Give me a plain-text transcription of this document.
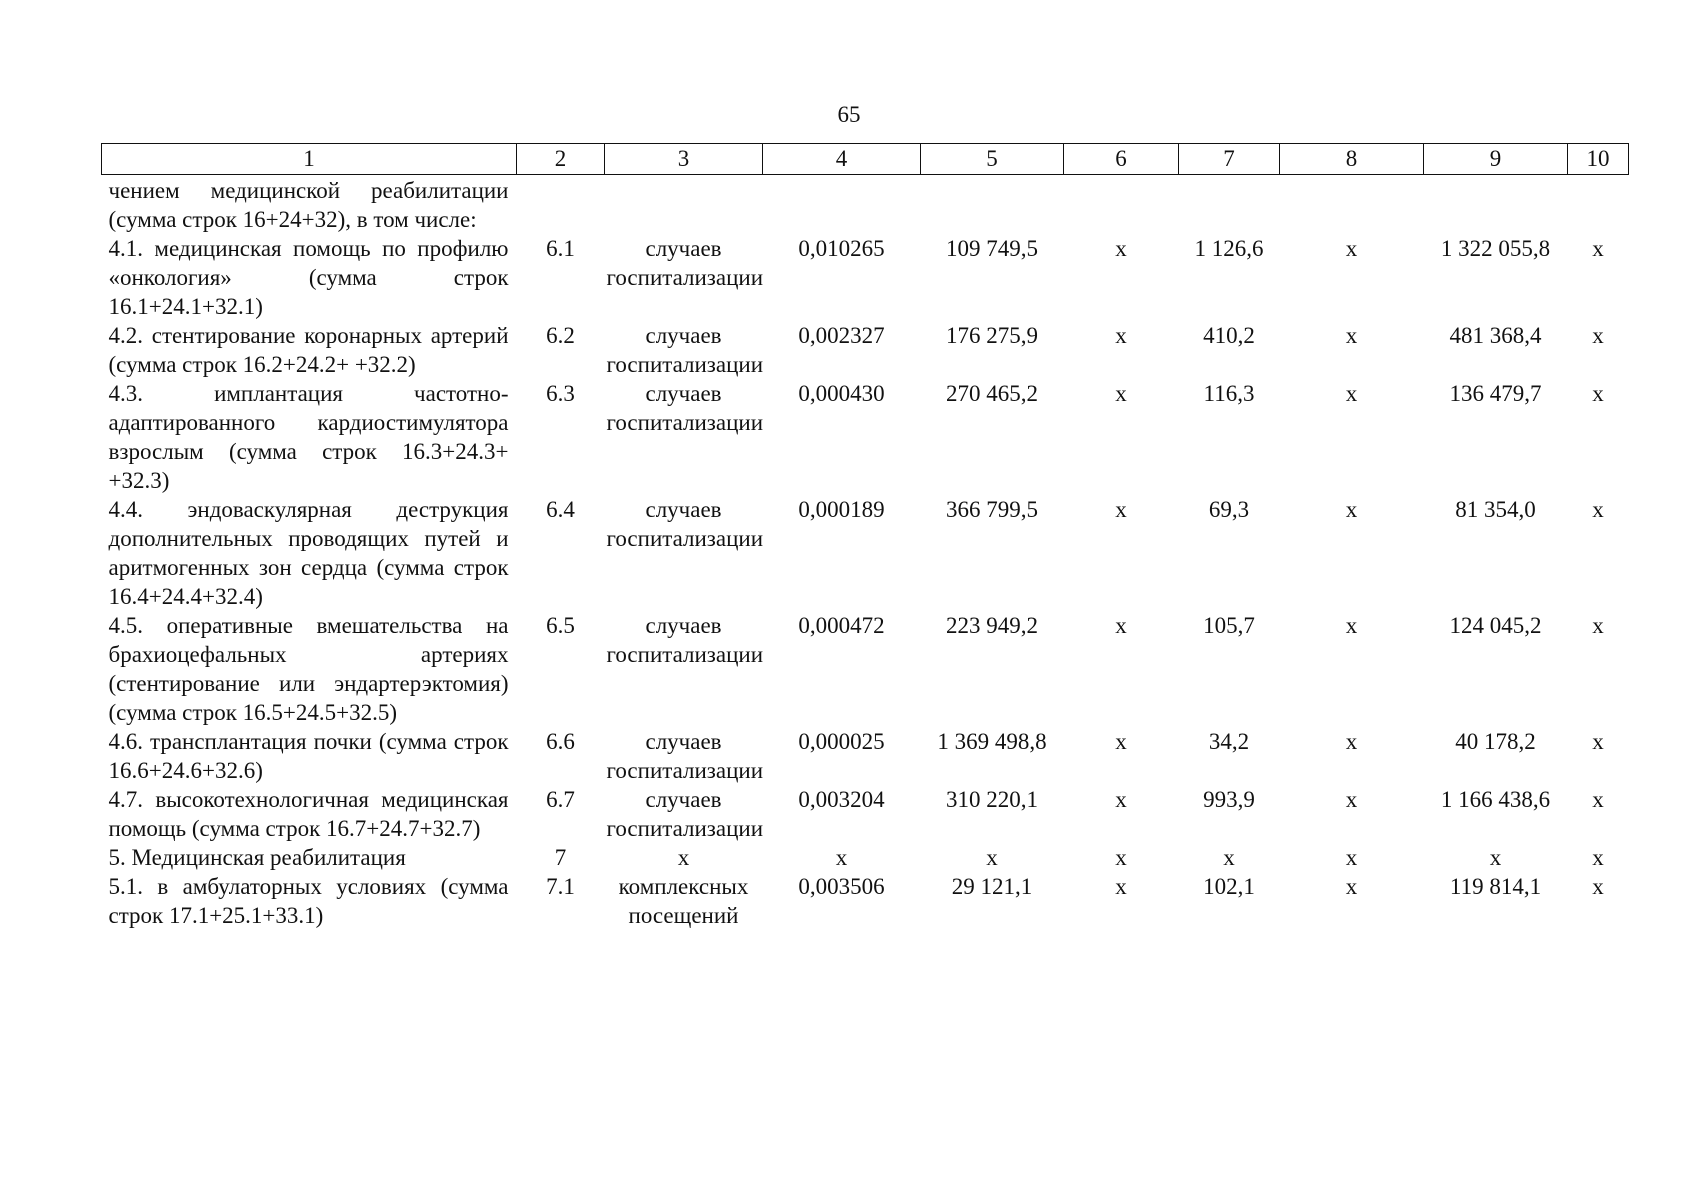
65
1	2	3	4	5	6	7	8	9	10
чением медицинской реабилитации (сумма строк 16+24+32), в том числе:									
4.1. медицинская помощь по профилю «онкология» (сумма строк 16.1+24.1+32.1)	6.1	случаев госпитализации	0,010265	109 749,5	х	1 126,6	х	1 322 055,8	х
4.2. стентирование коронарных артерий (сумма строк 16.2+24.2+ +32.2)	6.2	случаев госпитализации	0,002327	176 275,9	х	410,2	х	481 368,4	х
4.3. имплантация частотно-адаптированного кардиостимулятора взрослым (сумма строк 16.3+24.3+ +32.3)	6.3	случаев госпитализации	0,000430	270 465,2	х	116,3	х	136 479,7	х
4.4. эндоваскулярная деструкция дополнительных проводящих путей и аритмогенных зон сердца (сумма строк 16.4+24.4+32.4)	6.4	случаев госпитализации	0,000189	366 799,5	х	69,3	х	81 354,0	х
4.5. оперативные вмешательства на брахиоцефальных артериях (стентирование или эндартерэктомия) (сумма строк 16.5+24.5+32.5)	6.5	случаев госпитализации	0,000472	223 949,2	х	105,7	х	124 045,2	х
4.6. трансплантация почки (сумма строк 16.6+24.6+32.6)	6.6	случаев госпитализации	0,000025	1 369 498,8	х	34,2	х	40 178,2	х
4.7. высокотехнологичная медицинская помощь (сумма строк 16.7+24.7+32.7)	6.7	случаев госпитализации	0,003204	310 220,1	х	993,9	х	1 166 438,6	х
5. Медицинская реабилитация	7	х	х	х	х	х	х	х	х
5.1. в амбулаторных условиях (сумма строк 17.1+25.1+33.1)	7.1	комплексных посещений	0,003506	29 121,1	х	102,1	х	119 814,1	х
